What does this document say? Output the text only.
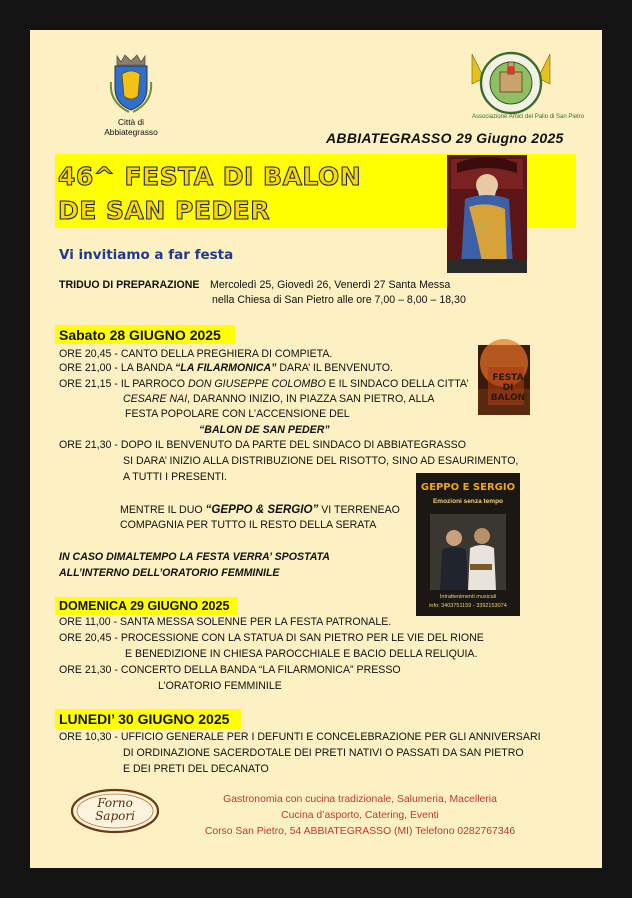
Città di
Abbiategrasso
Associazione Amici del Palio di San Pietro
ABBIATEGRASSO 29 Giugno 2025
46^ FESTA DI BALON
DE SAN PEDER
Vi invitiamo a far festa
TRIDUO DI PREPARAZIONE Mercoledì 25, Giovedì 26, Venerdì 27 Santa Messa
nella Chiesa di San Pietro alle ore 7,00 – 8,00 – 18,30
Sabato 28 GIUGNO 2025
ORE 20,45 - CANTO DELLA PREGHIERA DI COMPIETA.
ORE 21,00 - LA BANDA “LA FILARMONICA” DARA’ IL BENVENUTO.
ORE 21,15 - IL PARROCO DON GIUSEPPE COLOMBO E IL SINDACO DELLA CITTA’
CESARE NAI, DARANNO INIZIO, IN PIAZZA SAN PIETRO, ALLA
FESTA POPOLARE CON L’ACCENSIONE DEL
“BALON DE SAN PEDER”
ORE 21,30 - DOPO IL BENVENUTO DA PARTE DEL SINDACO DI ABBIATEGRASSO
SI DARA’ INIZIO ALLA DISTRIBUZIONE DEL RISOTTO, SINO AD ESAURIMENTO,
A TUTTI I PRESENTI.
MENTRE IL DUO “GEPPO & SERGIO” VI TERRENEAO
COMPAGNIA PER TUTTO IL RESTO DELLA SERATA
IN CASO DIMALTEMPO LA FESTA VERRA’ SPOSTATA
ALL’INTERNO DELL’ORATORIO FEMMINILE
FESTA DI BALON
GEPPO E SERGIO
Emozioni senza tempo
Intrattenimenti musicali
info: 3403751159 - 3392153074
DOMENICA 29 GIUGNO 2025
ORE 11,00 - SANTA MESSA SOLENNE PER LA FESTA PATRONALE.
ORE 20,45 - PROCESSIONE CON LA STATUA DI SAN PIETRO PER LE VIE DEL RIONE
E BENEDIZIONE IN CHIESA PAROCCHIALE E BACIO DELLA RELIQUIA.
ORE 21,30 - CONCERTO DELLA BANDA “LA FILARMONICA” PRESSO
L’ORATORIO FEMMINILE
LUNEDI’ 30 GIUGNO 2025
ORE 10,30 - UFFICIO GENERALE PER I DEFUNTI E CONCELEBRAZIONE PER GLI ANNIVERSARI
DI ORDINAZIONE SACERDOTALE DEI PRETI NATIVI O PASSATI DA SAN PIETRO
E DEI PRETI DEL DECANATO
Forno
Sapori
Gastronomia con cucina tradizionale, Salumeria, Macelleria
Cucina d’asporto, Catering, Eventi
Corso San Pietro, 54 ABBIATEGRASSO (MI) Telefono 0282767346
